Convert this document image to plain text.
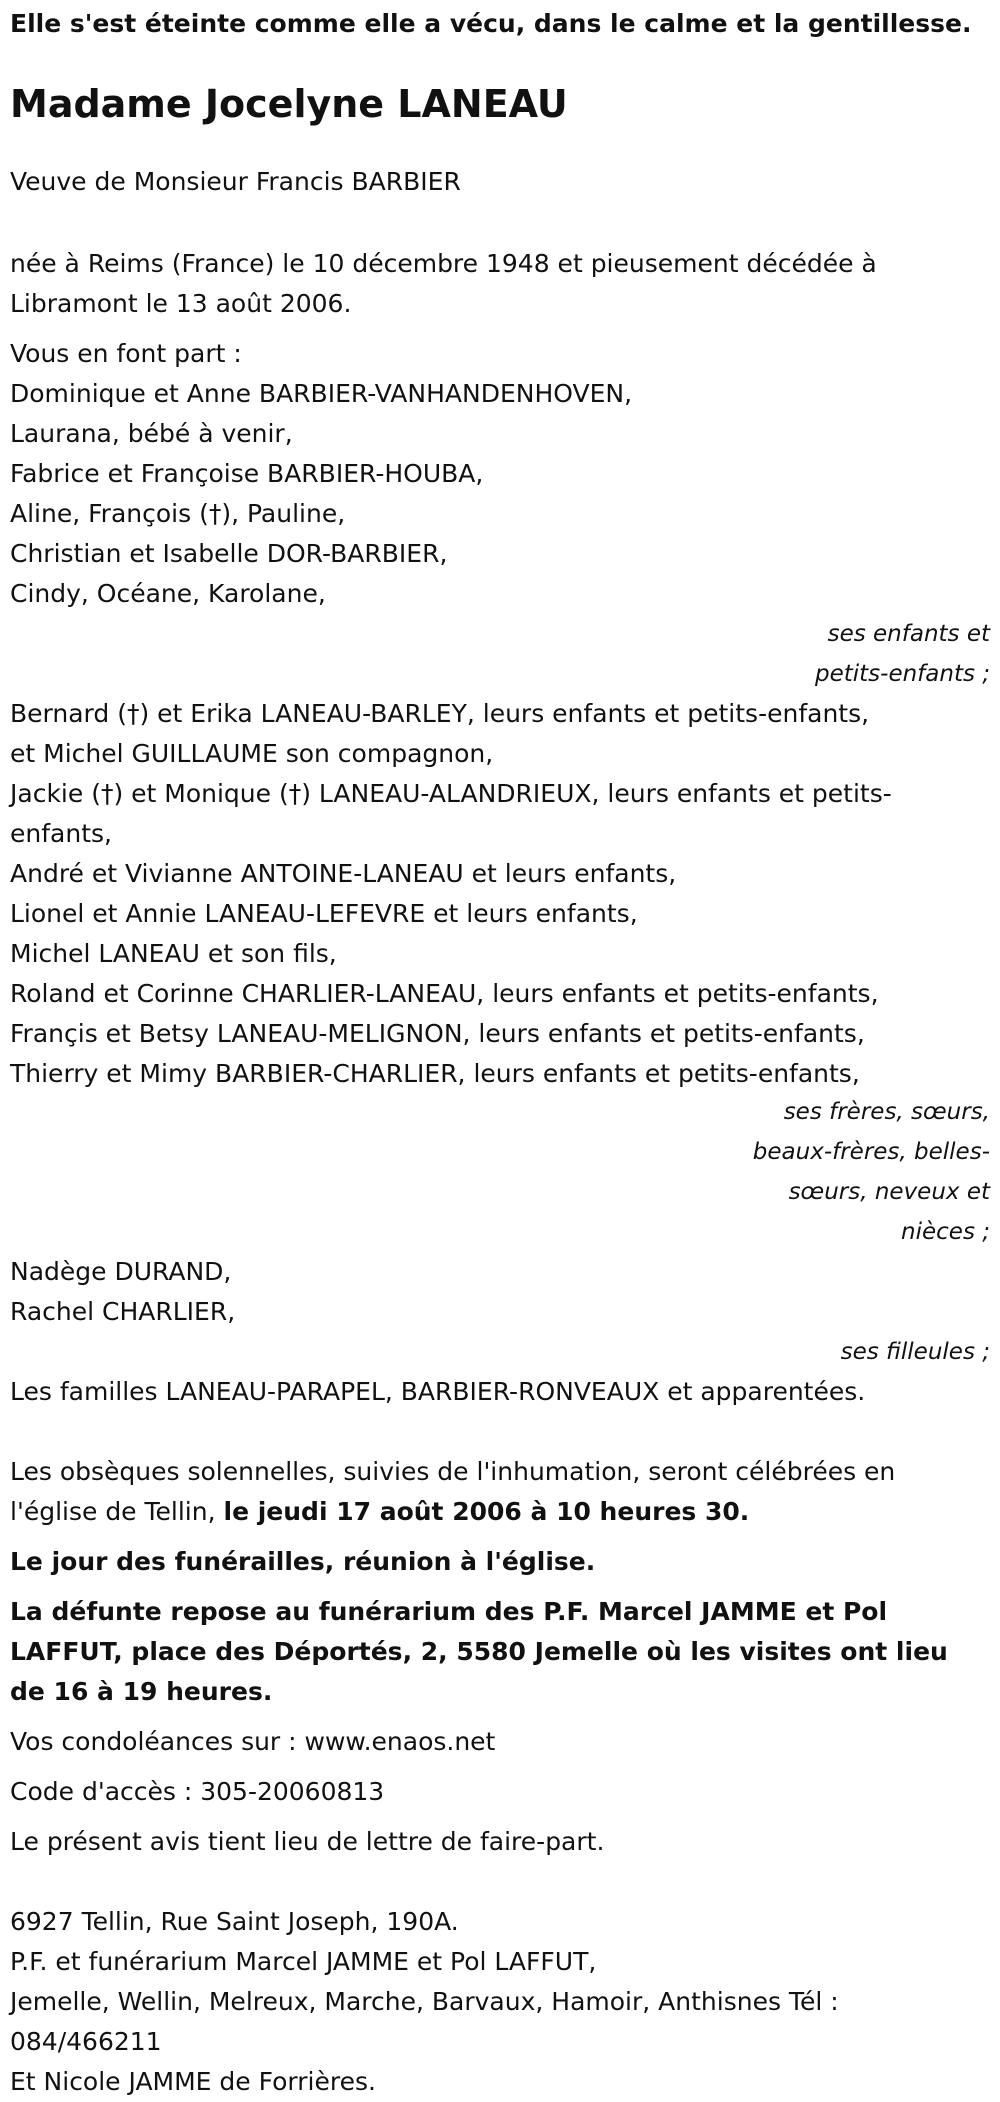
Elle s'est éteinte comme elle a vécu, dans le calme et la gentillesse.
Madame Jocelyne LANEAU
Veuve de Monsieur Francis BARBIER
née à Reims (France) le 10 décembre 1948 et pieusement décédée à Libramont le 13 août 2006.
Vous en font part :
Dominique et Anne BARBIER-VANHANDENHOVEN,
Laurana, bébé à venir,
Fabrice et Françoise BARBIER-HOUBA,
Aline, François (†), Pauline,
Christian et Isabelle DOR-BARBIER,
Cindy, Océane, Karolane,
ses enfants et petits-enfants ;
Bernard (†) et Erika LANEAU-BARLEY, leurs enfants et petits-enfants,
et Michel GUILLAUME son compagnon,
Jackie (†) et Monique (†) LANEAU-ALANDRIEUX, leurs enfants et petits-enfants,
André et Vivianne ANTOINE-LANEAU et leurs enfants,
Lionel et Annie LANEAU-LEFEVRE et leurs enfants,
Michel LANEAU et son fils,
Roland et Corinne CHARLIER-LANEAU, leurs enfants et petits-enfants,
Françis et Betsy LANEAU-MELIGNON, leurs enfants et petits-enfants,
Thierry et Mimy BARBIER-CHARLIER, leurs enfants et petits-enfants,
ses frères, sœurs, beaux-frères, belles-sœurs, neveux et nièces ;
Nadège DURAND,
Rachel CHARLIER,
ses filleules ;
Les familles LANEAU-PARAPEL, BARBIER-RONVEAUX et apparentées.
Les obsèques solennelles, suivies de l'inhumation, seront célébrées en l'église de Tellin, le jeudi 17 août 2006 à 10 heures 30.
Le jour des funérailles, réunion à l'église.
La défunte repose au funérarium des P.F. Marcel JAMME et Pol LAFFUT, place des Déportés, 2, 5580 Jemelle où les visites ont lieu de 16 à 19 heures.
Vos condoléances sur : www.enaos.net
Code d'accès : 305-20060813
Le présent avis tient lieu de lettre de faire-part.
6927 Tellin, Rue Saint Joseph, 190A.
P.F. et funérarium Marcel JAMME et Pol LAFFUT,
Jemelle, Wellin, Melreux, Marche, Barvaux, Hamoir, Anthisnes Tél : 084/466211
Et Nicole JAMME de Forrières.
